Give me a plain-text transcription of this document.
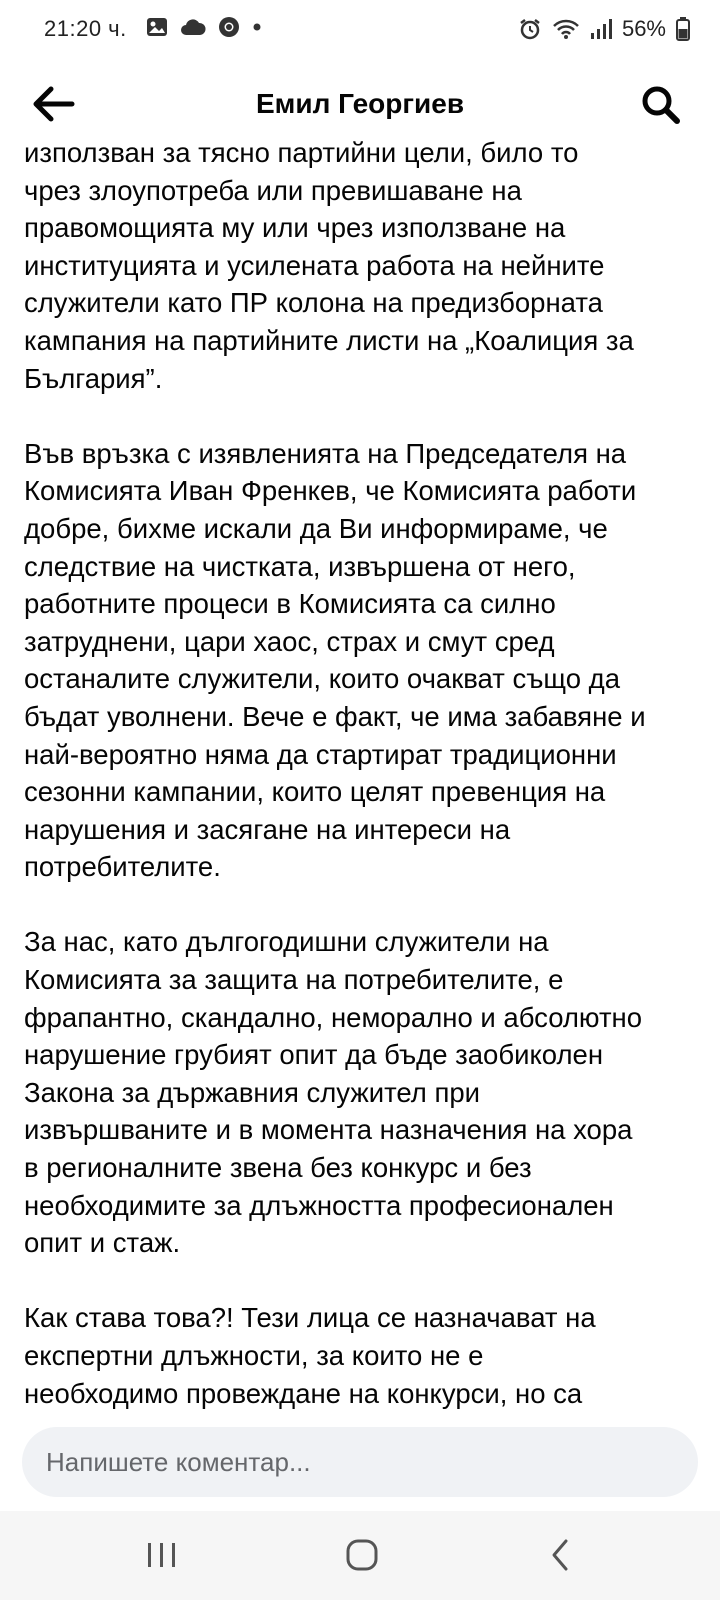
21:20 ч.	56%
Емил Георгиев

използван за тясно партийни цели, било то
чрез злоупотреба или превишаване на
правомощията му или чрез използване на
институцията и усилената работа на нейните
служители като ПР колона на предизборната
кампания на партийните листи на „Коалиция за
България”.

Във връзка с изявленията на Председателя на
Комисията Иван Френкев, че Комисията работи
добре, бихме искали да Ви информираме, че
следствие на чистката, извършена от него,
работните процеси в Комисията са силно
затруднени, цари хаос, страх и смут сред
останалите служители, които очакват също да
бъдат уволнени. Вече е факт, че има забавяне и
най-вероятно няма да стартират традиционни
сезонни кампании, които целят превенция на
нарушения и засягане на интереси на
потребителите.

За нас, като дългогодишни служители на
Комисията за защита на потребителите, е
фрапантно, скандално, неморално и абсолютно
нарушение грубият опит да бъде заобиколен
Закона за държавния служител при
извършваните и в момента назначения на хора
в регионалните звена без конкурс и без
необходимите за длъжността професионален
опит и стаж.

Как става това?! Тези лица се назначават на
експертни длъжности, за които не е
необходимо провеждане на конкурси, но са

Напишете коментар...
